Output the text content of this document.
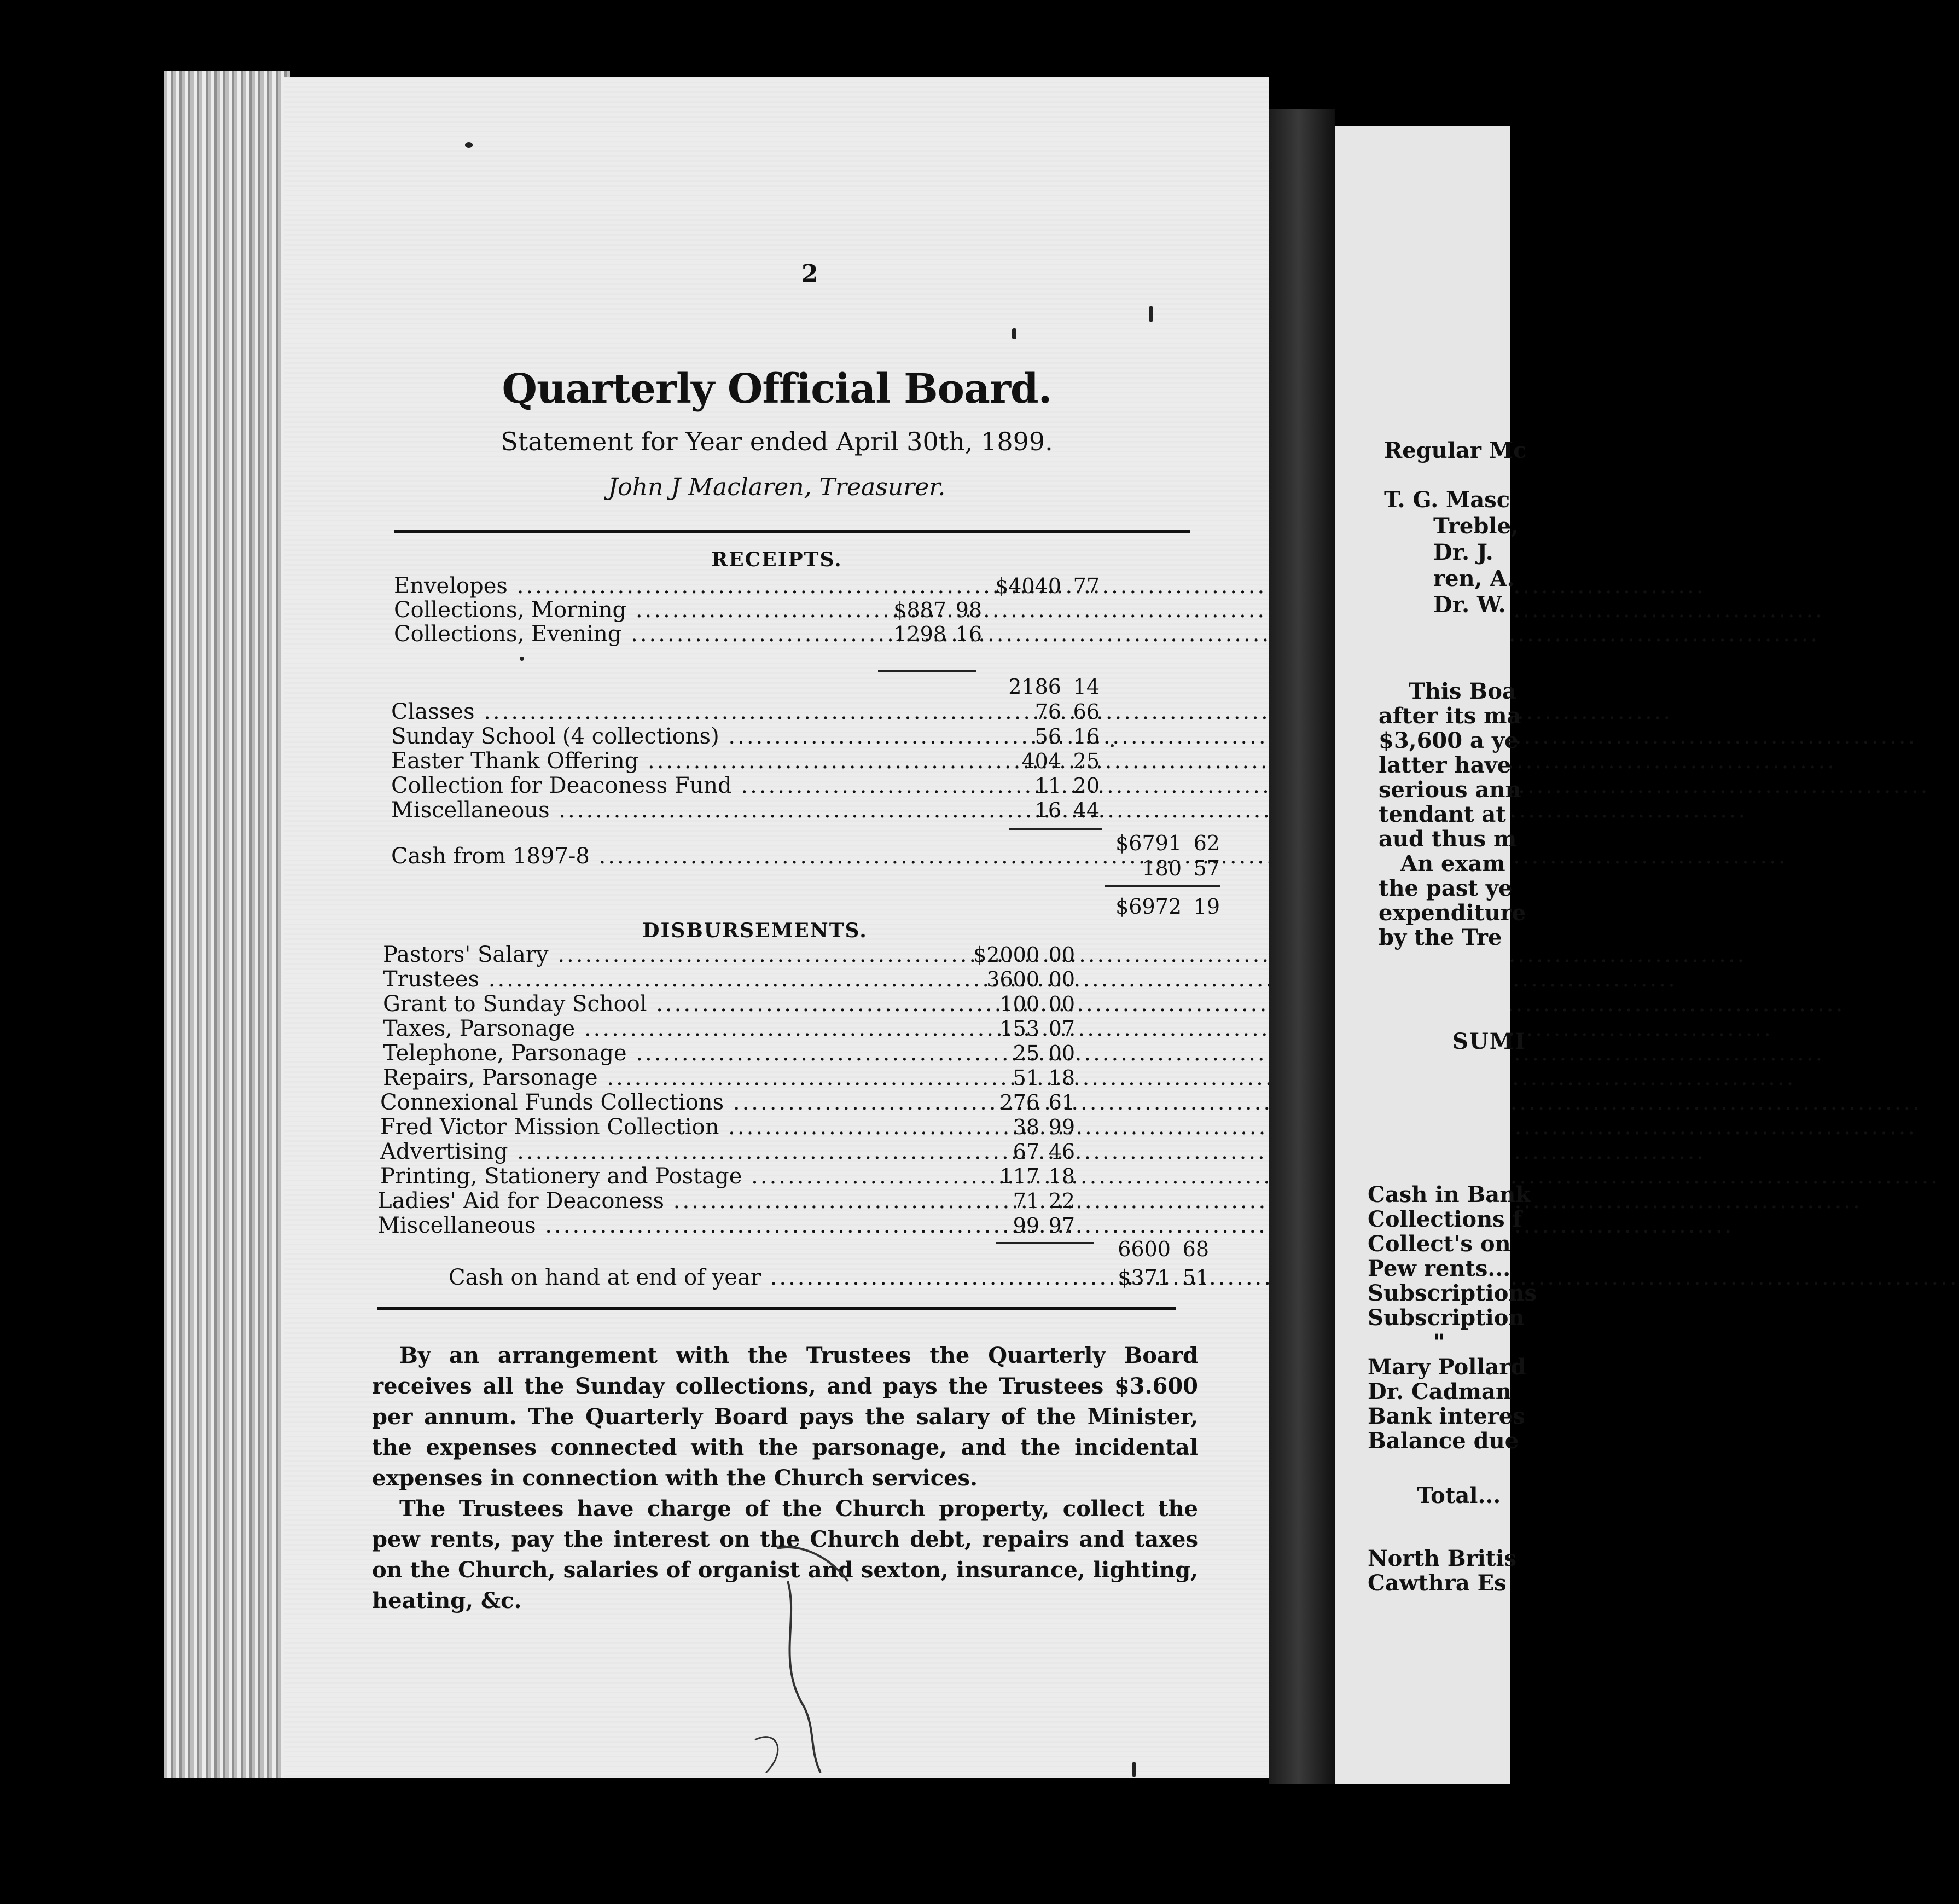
2
Quarterly Official Board.
Statement for Year ended April 30th, 1899.
John J Maclaren, Treasurer.
RECEIPTS.
Envelopes .....	$4040 77
Collections, Morning .....	$887 98
Collections, Evening .....	1298 16
2186 14
Classes .....	76 66
Sunday School (4 collections) .....	56 16
Easter Thank Offering .....	404 25
Collection for Deaconess Fund .....	11 20
Miscellaneous .....	16 44
$6791 62
Cash from 1897-8 .....	180 57
$6972 19
DISBURSEMENTS.
Pastors' Salary .....	$2000 00
Trustees .....	3600 00
Grant to Sunday School .....	100 00
Taxes, Parsonage .....	153 07
Telephone, Parsonage .....	25 00
Repairs, Parsonage .....	51 18
Connexional Funds Collections .....	276 61
Fred Victor Mission Collection .....	38 99
Advertising .....	67 46
Printing, Stationery and Postage .....	117 18
Ladies' Aid for Deaconess .....	71 22
Miscellaneous .....	99 97
6600 68
Cash on hand at end of year .....	$371 51

By an arrangement with the Trustees the Quarterly Board receives all the Sunday collections, and pays the Trustees $3.600 per annum. The Quarterly Board pays the salary of the Minister, the expenses connected with the parsonage, and the incidental expenses in connection with the Church services.

The Trustees have charge of the Church property, collect the pew rents, pay the interest on the Church debt, repairs and taxes on the Church, salaries of organist and sexton, insurance, lighting, heating, &c.

Regular Mc
T. G. Masc
Treble,
Dr. J.
ren, A.
Dr. W.
This Boa
after its ma
$3,600 a ye
latter have
serious ann
tendant at
aud thus m
An exam
the past ye
expenditure
by the Tre
SUMI
Cash in Bank
Collections f
Collect's on
Pew rents...
Subscriptions
Subscription
"
Mary Pollard
Dr. Cadman
Bank interes
Balance due
Total...
North Britis
Cawthra Es
